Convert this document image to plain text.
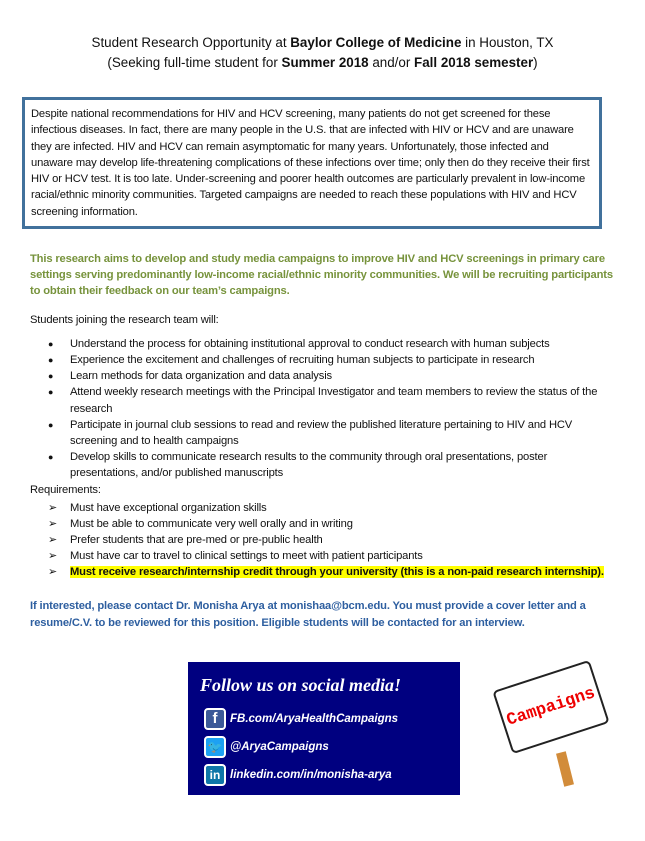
Student Research Opportunity at Baylor College of Medicine in Houston, TX
(Seeking full-time student for Summer 2018 and/or Fall 2018 semester)
Despite national recommendations for HIV and HCV screening, many patients do not get screened for these infectious diseases. In fact, there are many people in the U.S. that are infected with HIV or HCV and are unaware they are infected. HIV and HCV can remain asymptomatic for many years. Unfortunately, those infected and unaware may develop life-threatening complications of these infections over time; only then do they receive their first HIV or HCV test. It is too late. Under-screening and poorer health outcomes are particularly prevalent in low-income racial/ethnic minority communities. Targeted campaigns are needed to reach these populations with HIV and HCV screening information.
This research aims to develop and study media campaigns to improve HIV and HCV screenings in primary care settings serving predominantly low-income racial/ethnic minority communities. We will be recruiting participants to obtain their feedback on our team’s campaigns.
Students joining the research team will:
● Understand the process for obtaining institutional approval to conduct research with human subjects
● Experience the excitement and challenges of recruiting human subjects to participate in research
● Learn methods for data organization and data analysis
● Attend weekly research meetings with the Principal Investigator and team members to review the status of the research
● Participate in journal club sessions to read and review the published literature pertaining to HIV and HCV screening and to health campaigns
● Develop skills to communicate research results to the community through oral presentations, poster presentations, and/or published manuscripts
Requirements:
➢ Must have exceptional organization skills
➢ Must be able to communicate very well orally and in writing
➢ Prefer students that are pre-med or pre-public health
➢ Must have car to travel to clinical settings to meet with patient participants
➢ Must receive research/internship credit through your university (this is a non-paid research internship).
If interested, please contact Dr. Monisha Arya at monishaa@bcm.edu. You must provide a cover letter and a resume/C.V. to be reviewed for this position. Eligible students will be contacted for an interview.
Follow us on social media!
f	FB.com/AryaHealthCampaigns
🐦 @AryaCampaigns
in linkedin.com/in/monisha-arya
Campaigns
